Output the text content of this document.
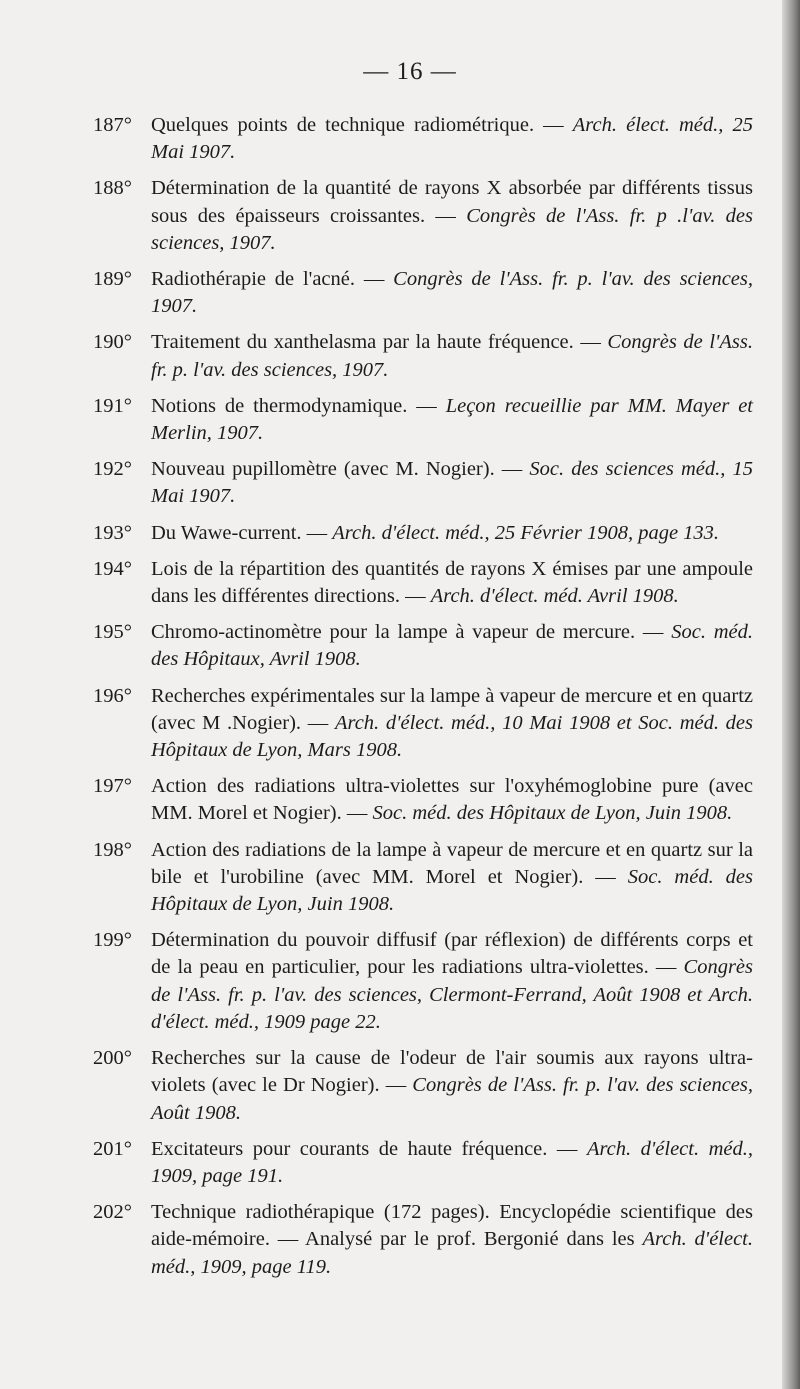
— 16 —
187° Quelques points de technique radiométrique. — Arch. élect. méd., 25 Mai 1907.
188° Détermination de la quantité de rayons X absorbée par différents tissus sous des épaisseurs croissantes. — Congrès de l'Ass. fr. p .l'av. des sciences, 1907.
189° Radiothérapie de l'acné. — Congrès de l'Ass. fr. p. l'av. des sciences, 1907.
190° Traitement du xanthelasma par la haute fréquence. — Congrès de l'Ass. fr. p. l'av. des sciences, 1907.
191° Notions de thermodynamique. — Leçon recueillie par MM. Mayer et Merlin, 1907.
192° Nouveau pupillomètre (avec M. Nogier). — Soc. des sciences méd., 15 Mai 1907.
193° Du Wawe-current. — Arch. d'élect. méd., 25 Février 1908, page 133.
194° Lois de la répartition des quantités de rayons X émises par une ampoule dans les différentes directions. — Arch. d'élect. méd. Avril 1908.
195° Chromo-actinomètre pour la lampe à vapeur de mercure. — Soc. méd. des Hôpitaux, Avril 1908.
196° Recherches expérimentales sur la lampe à vapeur de mercure et en quartz (avec M .Nogier). — Arch. d'élect. méd., 10 Mai 1908 et Soc. méd. des Hôpitaux de Lyon, Mars 1908.
197° Action des radiations ultra-violettes sur l'oxyhémoglobine pure (avec MM. Morel et Nogier). — Soc. méd. des Hôpitaux de Lyon, Juin 1908.
198° Action des radiations de la lampe à vapeur de mercure et en quartz sur la bile et l'urobiline (avec MM. Morel et Nogier). — Soc. méd. des Hôpitaux de Lyon, Juin 1908.
199° Détermination du pouvoir diffusif (par réflexion) de différents corps et de la peau en particulier, pour les radiations ultra-violettes. — Congrès de l'Ass. fr. p. l'av. des sciences, Clermont-Ferrand, Août 1908 et Arch. d'élect. méd., 1909 page 22.
200° Recherches sur la cause de l'odeur de l'air soumis aux rayons ultra-violets (avec le Dr Nogier). — Congrès de l'Ass. fr. p. l'av. des sciences, Août 1908.
201° Excitateurs pour courants de haute fréquence. — Arch. d'élect. méd., 1909, page 191.
202° Technique radiothérapique (172 pages). Encyclopédie scientifique des aide-mémoire. — Analysé par le prof. Bergonié dans les Arch. d'élect. méd., 1909, page 119.
